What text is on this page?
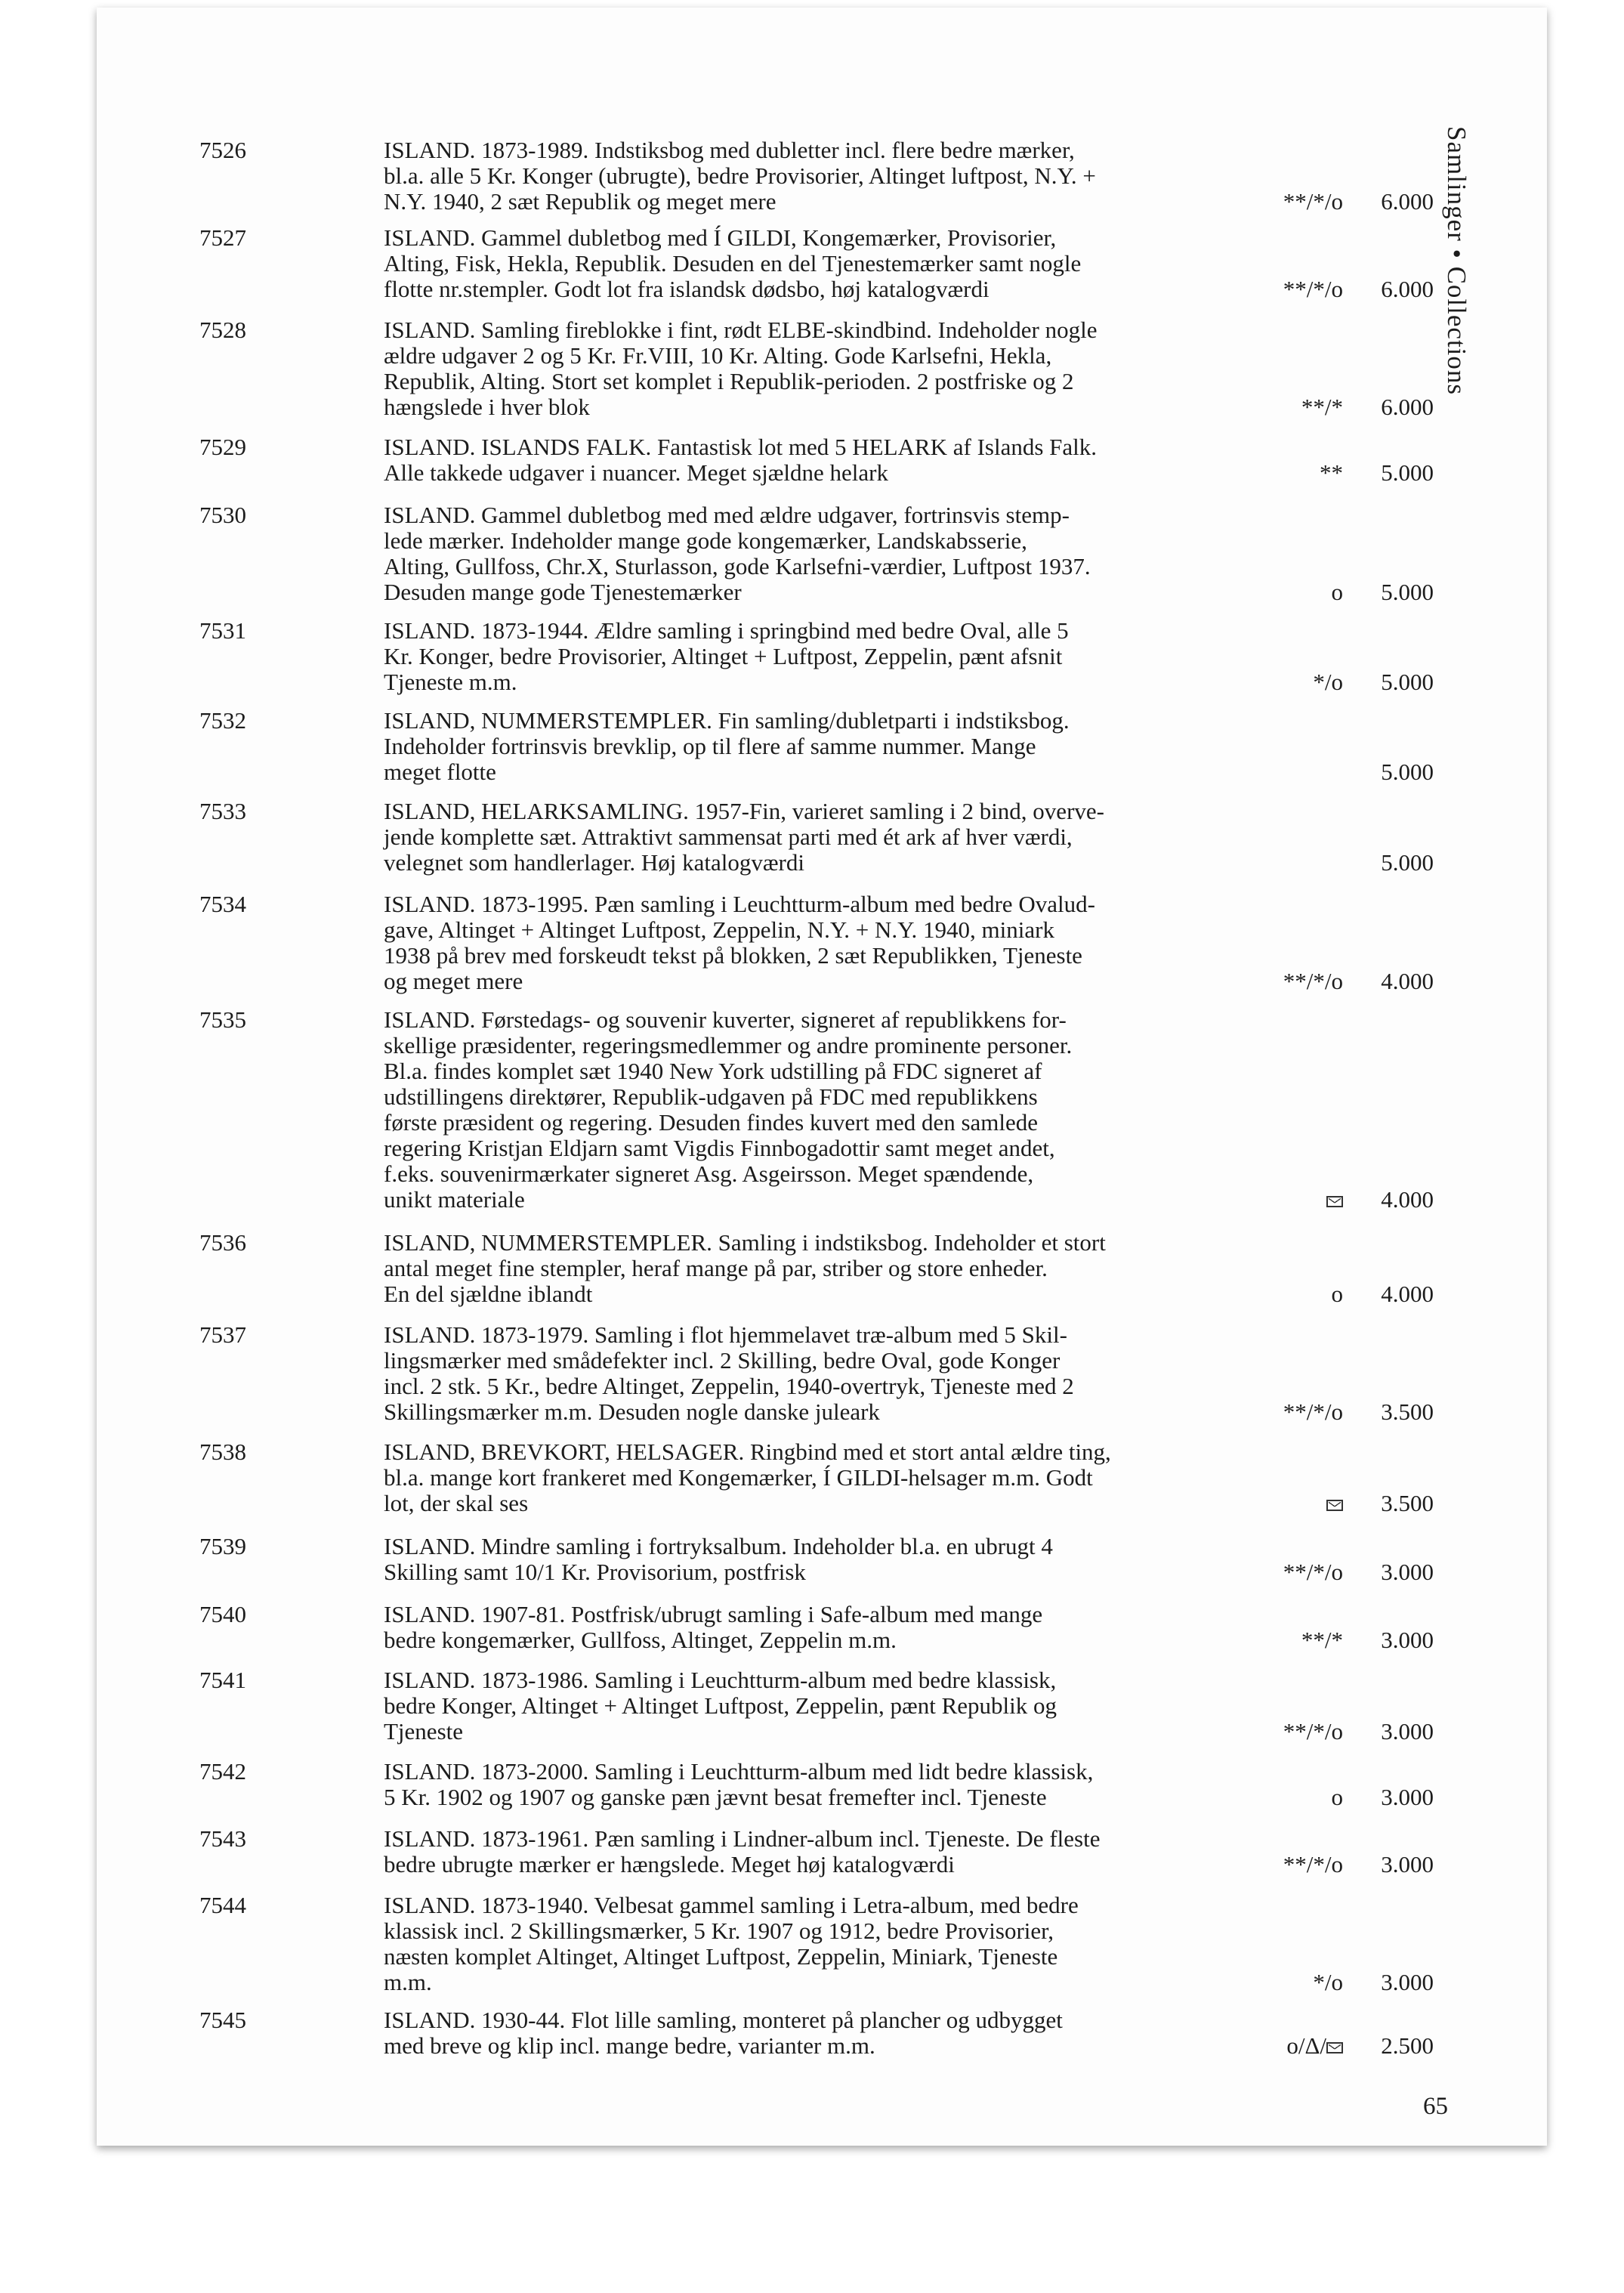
Samlinger • Collections
7526	ISLAND. 1873-1989. Indstiksbog med dubletter incl. flere bedre mærker,
bl.a. alle 5 Kr. Konger (ubrugte), bedre Provisorier, Altinget luftpost, N.Y. +
N.Y. 1940, 2 sæt Republik og meget mere	**/*/o 6.000
7527	ISLAND. Gammel dubletbog med Í GILDI, Kongemærker, Provisorier,
Alting, Fisk, Hekla, Republik. Desuden en del Tjenestemærker samt nogle
flotte nr.stempler. Godt lot fra islandsk dødsbo, høj katalogværdi	**/*/o 6.000
7528	ISLAND. Samling fireblokke i fint, rødt ELBE-skindbind. Indeholder nogle
ældre udgaver 2 og 5 Kr. Fr.VIII, 10 Kr. Alting. Gode Karlsefni, Hekla,
Republik, Alting. Stort set komplet i Republik-perioden. 2 postfriske og 2
hængslede i hver blok	**/* 6.000
7529	ISLAND. ISLANDS FALK. Fantastisk lot med 5 HELARK af Islands Falk.
Alle takkede udgaver i nuancer. Meget sjældne helark	** 5.000
7530	ISLAND. Gammel dubletbog med med ældre udgaver, fortrinsvis stemp-
lede mærker. Indeholder mange gode kongemærker, Landskabsserie,
Alting, Gullfoss, Chr.X, Sturlasson, gode Karlsefni-værdier, Luftpost 1937.
Desuden mange gode Tjenestemærker	o 5.000
7531	ISLAND. 1873-1944. Ældre samling i springbind med bedre Oval, alle 5
Kr. Konger, bedre Provisorier, Altinget + Luftpost, Zeppelin, pænt afsnit
Tjeneste m.m.	*/o 5.000
7532	ISLAND, NUMMERSTEMPLER. Fin samling/dubletparti i indstiksbog.
Indeholder fortrinsvis brevklip, op til flere af samme nummer. Mange
meget flotte	5.000
7533	ISLAND, HELARKSAMLING. 1957-Fin, varieret samling i 2 bind, overve-
jende komplette sæt. Attraktivt sammensat parti med ét ark af hver værdi,
velegnet som handlerlager. Høj katalogværdi	5.000
7534	ISLAND. 1873-1995. Pæn samling i Leuchtturm-album med bedre Ovalud-
gave, Altinget + Altinget Luftpost, Zeppelin, N.Y. + N.Y. 1940, miniark
1938 på brev med forskeudt tekst på blokken, 2 sæt Republikken, Tjeneste
og meget mere	**/*/o 4.000
7535	ISLAND. Førstedags- og souvenir kuverter, signeret af republikkens for-
skellige præsidenter, regeringsmedlemmer og andre prominente personer.
Bl.a. findes komplet sæt 1940 New York udstilling på FDC signeret af
udstillingens direktører, Republik-udgaven på FDC med republikkens
første præsident og regering. Desuden findes kuvert med den samlede
regering Kristjan Eldjarn samt Vigdis Finnbogadottir samt meget andet,
f.eks. souvenirmærkater signeret Asg. Asgeirsson. Meget spændende,
unikt materiale	4.000
7536	ISLAND, NUMMERSTEMPLER. Samling i indstiksbog. Indeholder et stort
antal meget fine stempler, heraf mange på par, striber og store enheder.
En del sjældne iblandt	o 4.000
7537	ISLAND. 1873-1979. Samling i flot hjemmelavet træ-album med 5 Skil-
lingsmærker med smådefekter incl. 2 Skilling, bedre Oval, gode Konger
incl. 2 stk. 5 Kr., bedre Altinget, Zeppelin, 1940-overtryk, Tjeneste med 2
Skillingsmærker m.m. Desuden nogle danske juleark	**/*/o 3.500
7538	ISLAND, BREVKORT, HELSAGER. Ringbind med et stort antal ældre ting,
bl.a. mange kort frankeret med Kongemærker, Í GILDI-helsager m.m. Godt
lot, der skal ses	3.500
7539	ISLAND. Mindre samling i fortryksalbum. Indeholder bl.a. en ubrugt 4
Skilling samt 10/1 Kr. Provisorium, postfrisk	**/*/o 3.000
7540	ISLAND. 1907-81. Postfrisk/ubrugt samling i Safe-album med mange
bedre kongemærker, Gullfoss, Altinget, Zeppelin m.m.	**/* 3.000
7541	ISLAND. 1873-1986. Samling i Leuchtturm-album med bedre klassisk,
bedre Konger, Altinget + Altinget Luftpost, Zeppelin, pænt Republik og
Tjeneste	**/*/o 3.000
7542	ISLAND. 1873-2000. Samling i Leuchtturm-album med lidt bedre klassisk,
5 Kr. 1902 og 1907 og ganske pæn jævnt besat fremefter incl. Tjeneste	o 3.000
7543	ISLAND. 1873-1961. Pæn samling i Lindner-album incl. Tjeneste. De fleste
bedre ubrugte mærker er hængslede. Meget høj katalogværdi	**/*/o 3.000
7544	ISLAND. 1873-1940. Velbesat gammel samling i Letra-album, med bedre
klassisk incl. 2 Skillingsmærker, 5 Kr. 1907 og 1912, bedre Provisorier,
næsten komplet Altinget, Altinget Luftpost, Zeppelin, Miniark, Tjeneste
m.m.	*/o 3.000
7545	ISLAND. 1930-44. Flot lille samling, monteret på plancher og udbygget
med breve og klip incl. mange bedre, varianter m.m.	o/Δ/	2.500
65
